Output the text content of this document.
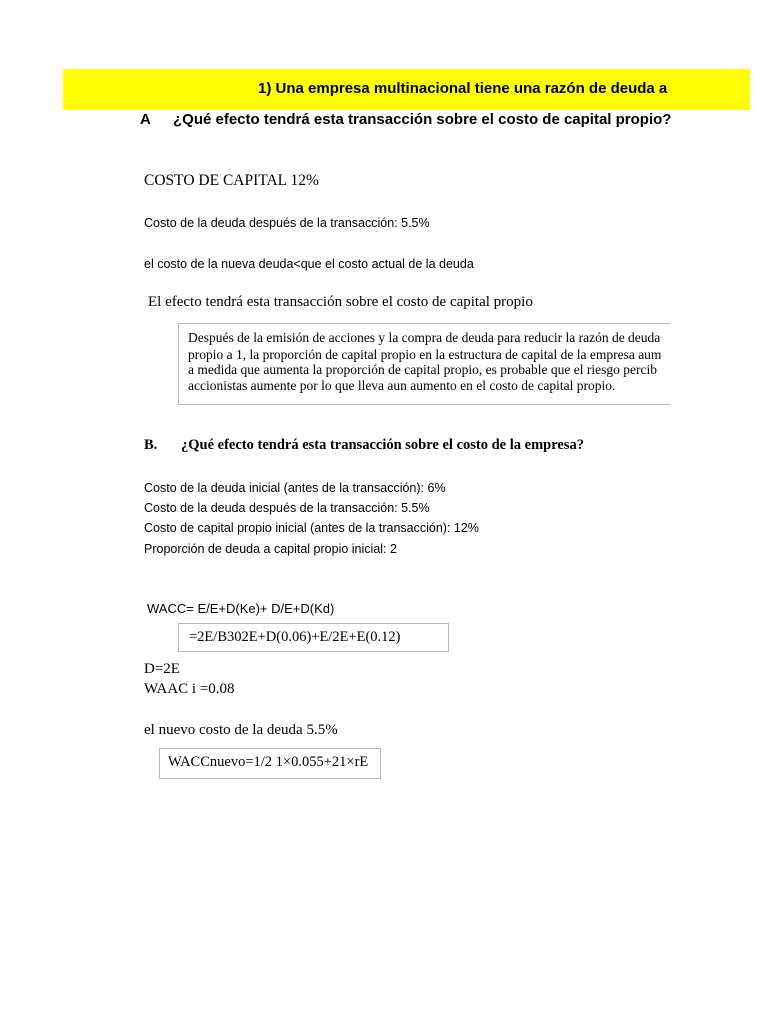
1) Una empresa multinacional tiene una razón de deuda a
A ¿Qué efecto tendrá esta transacción sobre el costo de capital propio?
COSTO DE CAPITAL 12%
Costo de la deuda después de la transacción: 5.5%
el costo de la nueva deuda<que el costo actual de la deuda
El efecto tendrá esta transacción sobre el costo de capital propio

Después de la emisión de acciones y la compra de deuda para reducir la razón de deuda

propio a 1, la proporción de capital propio en la estructura de capital de la empresa aum

a medida que aumenta la proporción de capital propio, es probable que el riesgo percib

accionistas aumente por lo que lleva aun aumento en el costo de capital propio.

B. ¿Qué efecto tendrá esta transacción sobre el costo de la empresa?
Costo de la deuda inicial (antes de la transacción): 6%
Costo de la deuda después de la transacción: 5.5%
Costo de capital propio inicial (antes de la transacción): 12%
Proporción de deuda a capital propio inicial: 2
WACC= E/E+D(Ke)+ D/E+D(Kd)
=2E/B302E+D(0.06)+E/2E+E(0.12)
D=2E
WAAC i =0.08
el nuevo costo de la deuda 5.5%
WACCnuevo=1/2 1×0.055+21×rE
